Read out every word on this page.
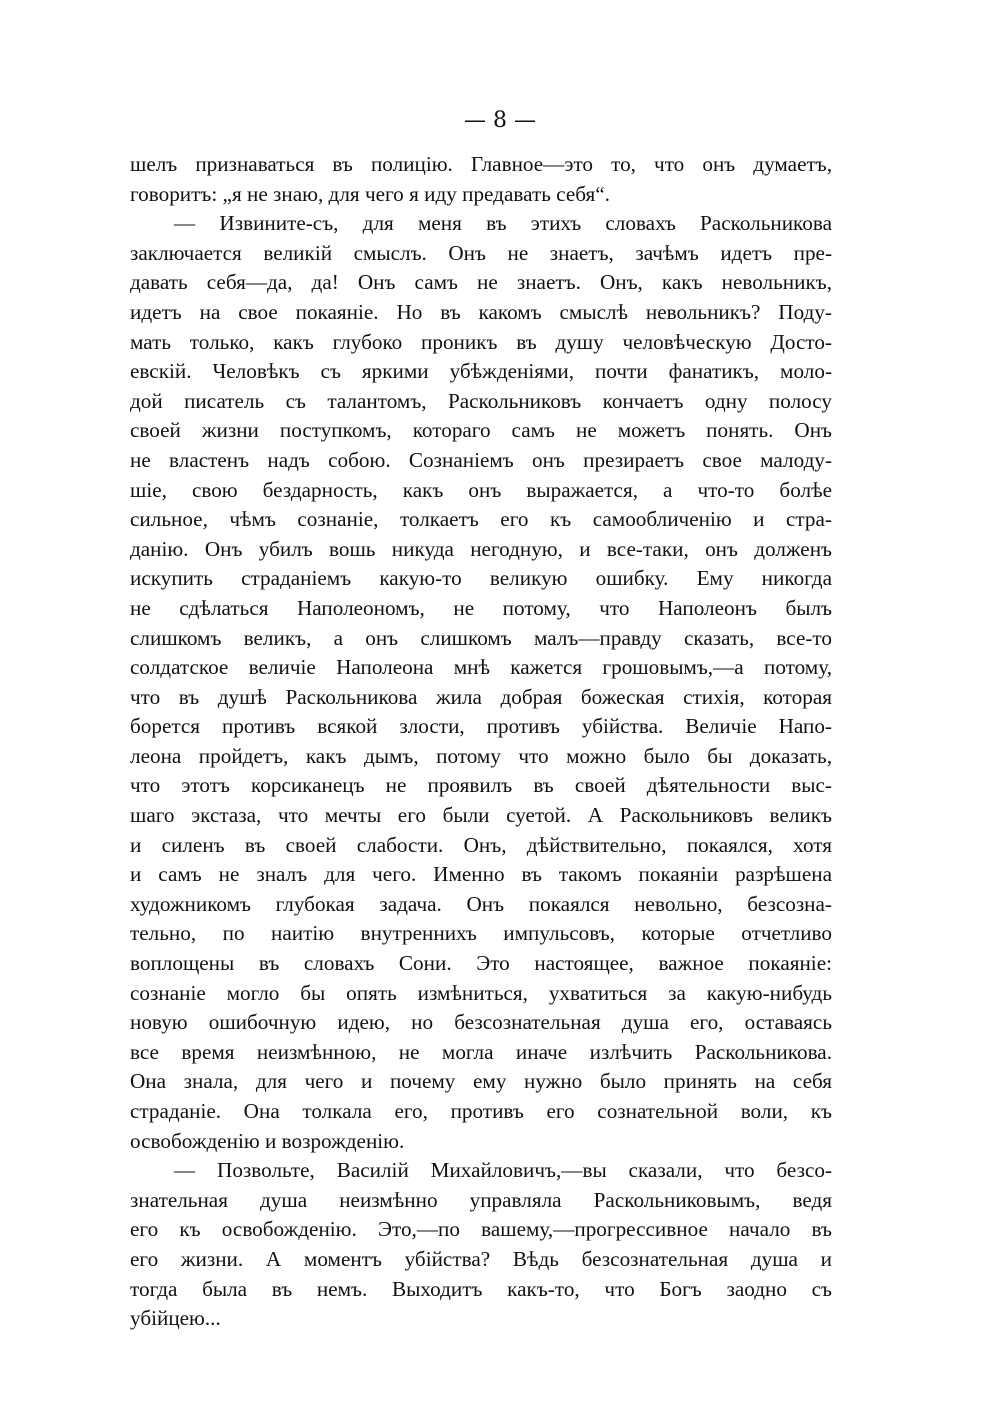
— 8 —
шелъ признаваться въ полицію. Главное—это то, что онъ думаетъ,
говоритъ: „я не знаю, для чего я иду предавать себя“.
— Извините-съ, для меня въ этихъ словахъ Раскольникова
заключается великій смыслъ. Онъ не знаетъ, зачѣмъ идетъ пре-
давать себя—да, да! Онъ самъ не знаетъ. Онъ, какъ невольникъ,
идетъ на свое покаяніе. Но въ какомъ смыслѣ невольникъ? Поду-
мать только, какъ глубоко проникъ въ душу человѣческую Досто-
евскій. Человѣкъ съ яркими убѣжденіями, почти фанатикъ, моло-
дой писатель съ талантомъ, Раскольниковъ кончаетъ одну полосу
своей жизни поступкомъ, котораго самъ не можетъ понять. Онъ
не властенъ надъ собою. Сознаніемъ онъ презираетъ свое малоду-
шіе, свою бездарность, какъ онъ выражается, а что-то болѣе
сильное, чѣмъ сознаніе, толкаетъ его къ самообличенію и стра-
данію. Онъ убилъ вошь никуда негодную, и все-таки, онъ долженъ
искупить страданіемъ какую-то великую ошибку. Ему никогда
не сдѣлаться Наполеономъ, не потому, что Наполеонъ былъ
слишкомъ великъ, а онъ слишкомъ малъ—правду сказать, все-то
солдатское величіе Наполеона мнѣ кажется грошовымъ,—а потому,
что въ душѣ Раскольникова жила добрая божеская стихія, которая
борется противъ всякой злости, противъ убійства. Величіе Напо-
леона пройдетъ, какъ дымъ, потому что можно было бы доказать,
что этотъ корсиканецъ не проявилъ въ своей дѣятельности выс-
шаго экстаза, что мечты его были суетой. А Раскольниковъ великъ
и силенъ въ своей слабости. Онъ, дѣйствительно, покаялся, хотя
и самъ не зналъ для чего. Именно въ такомъ покаяніи разрѣшена
художникомъ глубокая задача. Онъ покаялся невольно, безсозна-
тельно, по наитію внутреннихъ импульсовъ, которые отчетливо
воплощены въ словахъ Сони. Это настоящее, важное покаяніе:
сознаніе могло бы опять измѣниться, ухватиться за какую-нибудь
новую ошибочную идею, но безсознательная душа его, оставаясь
все время неизмѣнною, не могла иначе излѣчить Раскольникова.
Она знала, для чего и почему ему нужно было принять на себя
страданіе. Она толкала его, противъ его сознательной воли, къ
освобожденію и возрожденію.
— Позвольте, Василій Михайловичъ,—вы сказали, что безсо-
знательная душа неизмѣнно управляла Раскольниковымъ, ведя
его къ освобожденію. Это,—по вашему,—прогрессивное начало въ
его жизни. А моментъ убійства? Вѣдь безсознательная душа и
тогда была въ немъ. Выходитъ какъ-то, что Богъ заодно съ
убійцею...
